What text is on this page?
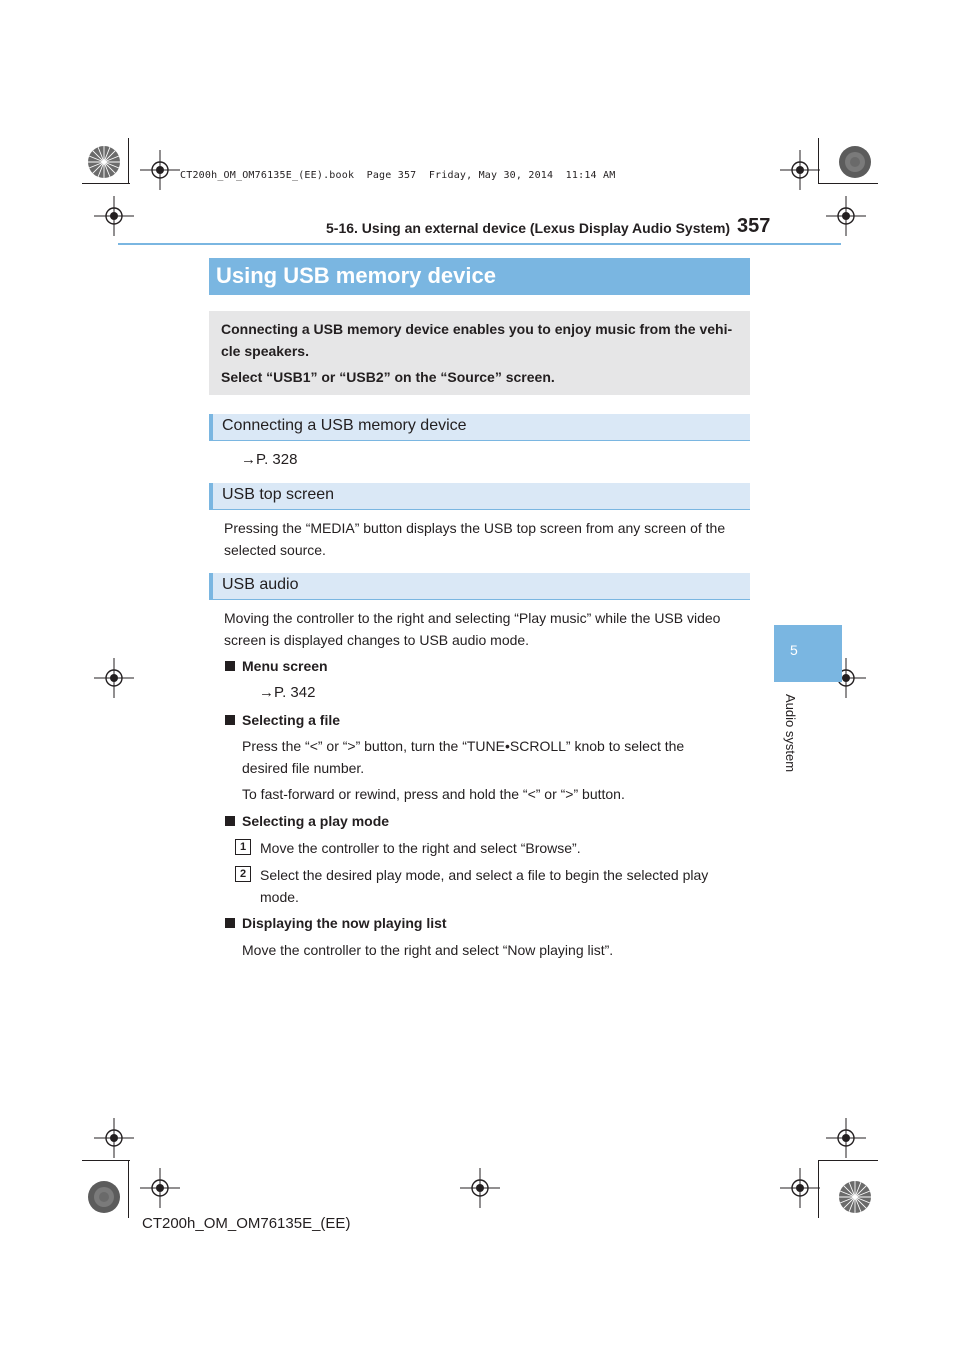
CT200h_OM_OM76135E_(EE).book  Page 357  Friday, May 30, 2014  11:14 AM
5-16. Using an external device (Lexus Display Audio System) 357
5
Audio system
Using USB memory device

Connecting a USB memory device enables you to enjoy music from the vehi-

cle speakers.

Select “USB1” or “USB2” on the “Source” screen.

Connecting a USB memory device
→P. 328
USB top screen
Pressing the “MEDIA” button displays the USB top screen from any screen of the
selected source.
USB audio
Moving the controller to the right and selecting “Play music” while the USB video
screen is displayed changes to USB audio mode.
Menu screen
→P. 342
Selecting a file
Press the “<” or “>” button, turn the “TUNE•SCROLL” knob to select the
desired file number.
To fast-forward or rewind, press and hold the “<” or “>” button.
Selecting a play mode
1 Move the controller to the right and select “Browse”.
2 Select the desired play mode, and select a file to begin the selected play
mode.
Displaying the now playing list
Move the controller to the right and select “Now playing list”.
CT200h_OM_OM76135E_(EE)
